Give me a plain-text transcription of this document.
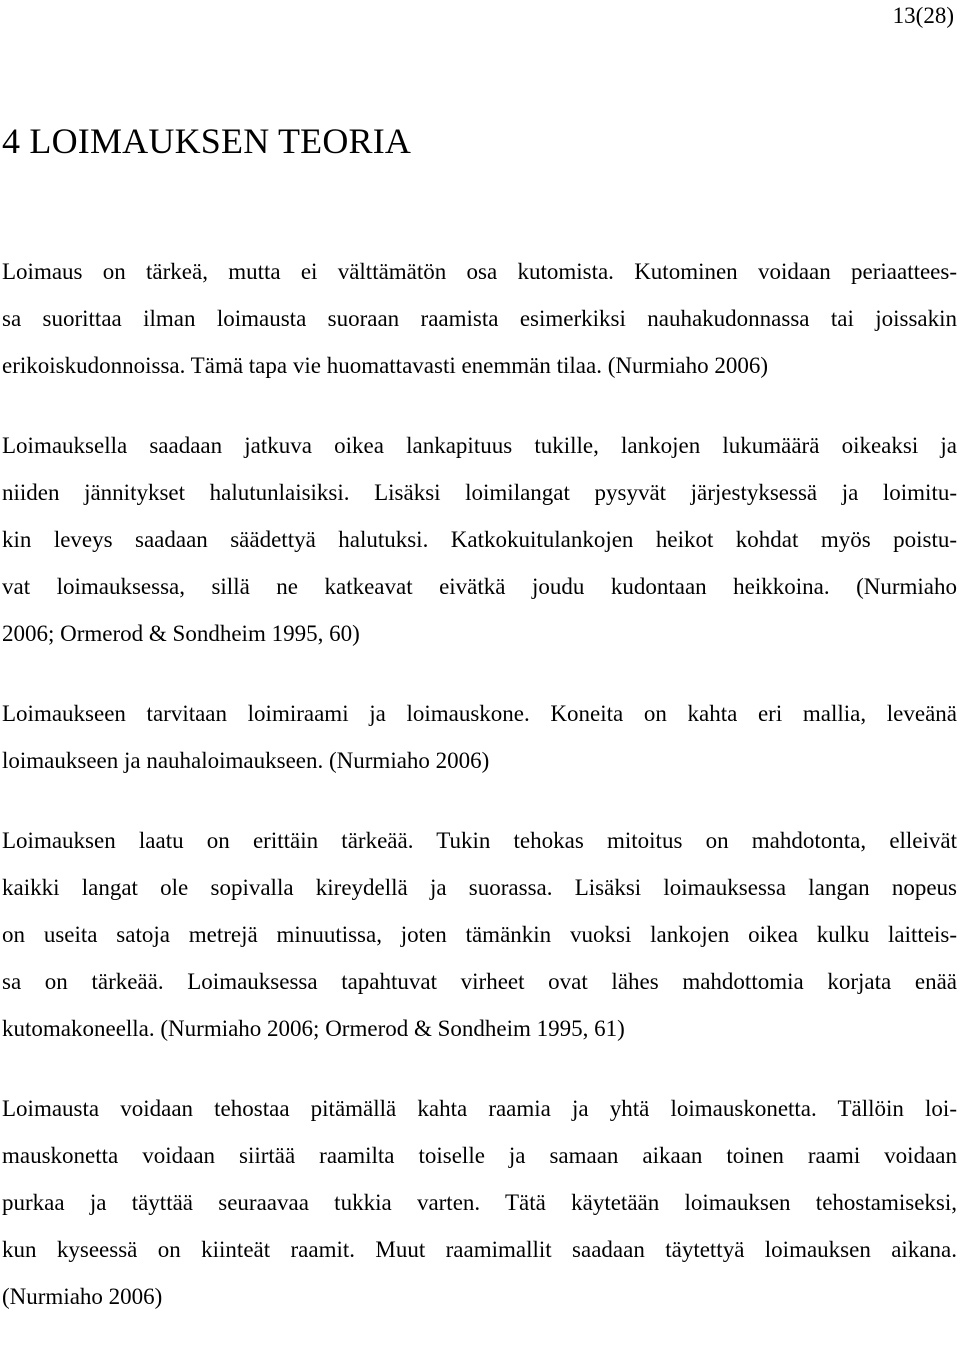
13(28)
4 LOIMAUKSEN TEORIA

Loimaus on tärkeä, mutta ei välttämätön osa kutomista. Kutominen voidaan periaattees-
sa suorittaa ilman loimausta suoraan raamista esimerkiksi nauhakudonnassa tai joissakin
erikoiskudonnoissa. Tämä tapa vie huomattavasti enemmän tilaa. (Nurmiaho 2006)

Loimauksella saadaan jatkuva oikea lankapituus tukille, lankojen lukumäärä oikeaksi ja
niiden jännitykset halutunlaisiksi. Lisäksi loimilangat pysyvät järjestyksessä ja loimitu-
kin leveys saadaan säädettyä halutuksi. Katkokuitulankojen heikot kohdat myös poistu-
vat loimauksessa, sillä ne katkeavat eivätkä joudu kudontaan heikkoina. (Nurmiaho
2006; Ormerod & Sondheim 1995, 60)

Loimaukseen tarvitaan loimiraami ja loimauskone. Koneita on kahta eri mallia, leveänä
loimaukseen ja nauhaloimaukseen. (Nurmiaho 2006)

Loimauksen laatu on erittäin tärkeää. Tukin tehokas mitoitus on mahdotonta, elleivät
kaikki langat ole sopivalla kireydellä ja suorassa. Lisäksi loimauksessa langan nopeus
on useita satoja metrejä minuutissa, joten tämänkin vuoksi lankojen oikea kulku laitteis-
sa on tärkeää. Loimauksessa tapahtuvat virheet ovat lähes mahdottomia korjata enää
kutomakoneella. (Nurmiaho 2006; Ormerod & Sondheim 1995, 61)

Loimausta voidaan tehostaa pitämällä kahta raamia ja yhtä loimauskonetta. Tällöin loi-
mauskonetta voidaan siirtää raamilta toiselle ja samaan aikaan toinen raami voidaan
purkaa ja täyttää seuraavaa tukkia varten. Tätä käytetään loimauksen tehostamiseksi,
kun kyseessä on kiinteät raamit. Muut raamimallit saadaan täytettyä loimauksen aikana.
(Nurmiaho 2006)
